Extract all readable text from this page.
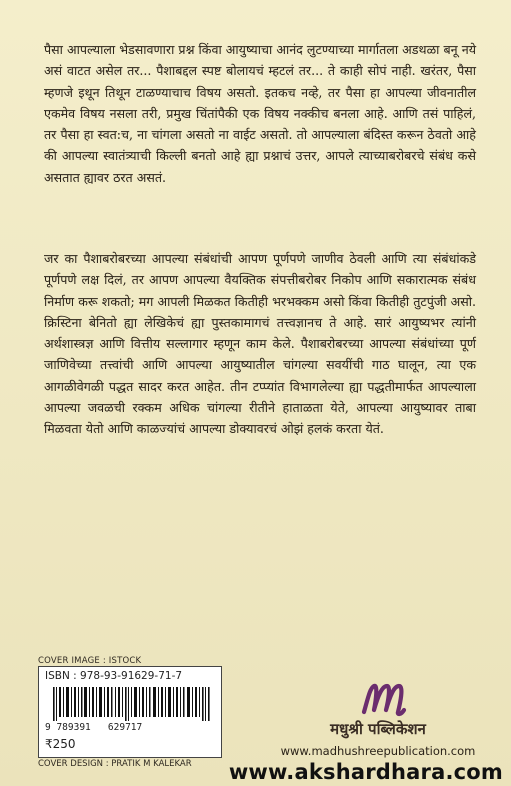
पैसा आपल्याला भेडसावणारा प्रश्न किंवा आयुष्याचा आनंद लुटण्याच्या मार्गातला अडथळा बनू नये असं वाटत असेल तर... पैशाबद्दल स्पष्ट बोलायचं म्हटलं तर... ते काही सोपं नाही. खरंतर, पैसा म्हणजे इथून तिथून टाळण्याचाच विषय असतो. इतकच नव्हे, तर पैसा हा आपल्या जीवनातील एकमेव विषय नसला तरी, प्रमुख चिंतांपैकी एक विषय नक्कीच बनला आहे. आणि तसं पाहिलं, तर पैसा हा स्वत:च, ना चांगला असतो ना वाईट असतो. तो आपल्याला बंदिस्त करून ठेवतो आहे की आपल्या स्वातंत्र्याची किल्ली बनतो आहे ह्या प्रश्नाचं उत्तर, आपले त्याच्याबरोबरचे संबंध कसे असतात ह्यावर ठरत असतं.

जर का पैशाबरोबरच्या आपल्या संबंधांची आपण पूर्णपणे जाणीव ठेवली आणि त्या संबंधांकडे पूर्णपणे लक्ष दिलं, तर आपण आपल्या वैयक्तिक संपत्तीबरोबर निकोप आणि सकारात्मक संबंध निर्माण करू शकतो; मग आपली मिळकत कितीही भरभक्कम असो किंवा कितीही तुटपुंजी असो. क्रिस्टिना बेनितो ह्या लेखिकेचं ह्या पुस्तकामागचं तत्त्वज्ञानच ते आहे. सारं आयुष्यभर त्यांनी अर्थशास्त्रज्ञ आणि वित्तीय सल्लागार म्हणून काम केले. पैशाबरोबरच्या आपल्या संबंधांच्या पूर्ण जाणिवेच्या तत्त्वांची आणि आपल्या आयुष्यातील चांगल्या सवयींची गाठ घालून, त्या एक आगळीवेगळी पद्धत सादर करत आहेत. तीन टप्प्यांत विभागलेल्या ह्या पद्धतीमार्फत आपल्याला आपल्या जवळची रक्कम अधिक चांगल्या रीतीने हाताळता येते, आपल्या आयुष्यावर ताबा मिळवता येतो आणि काळज्यांचं आपल्या डोक्यावरचं ओझं हलकं करता येतं.

COVER IMAGE : ISTOCK
ISBN : 978-93-91629-71-7
9 789391   629717
₹250
COVER DESIGN : PRATIK M KALEKAR
मधुश्री पब्लिकेशन
www.madhushreepublication.com
www.akshardhara.com
